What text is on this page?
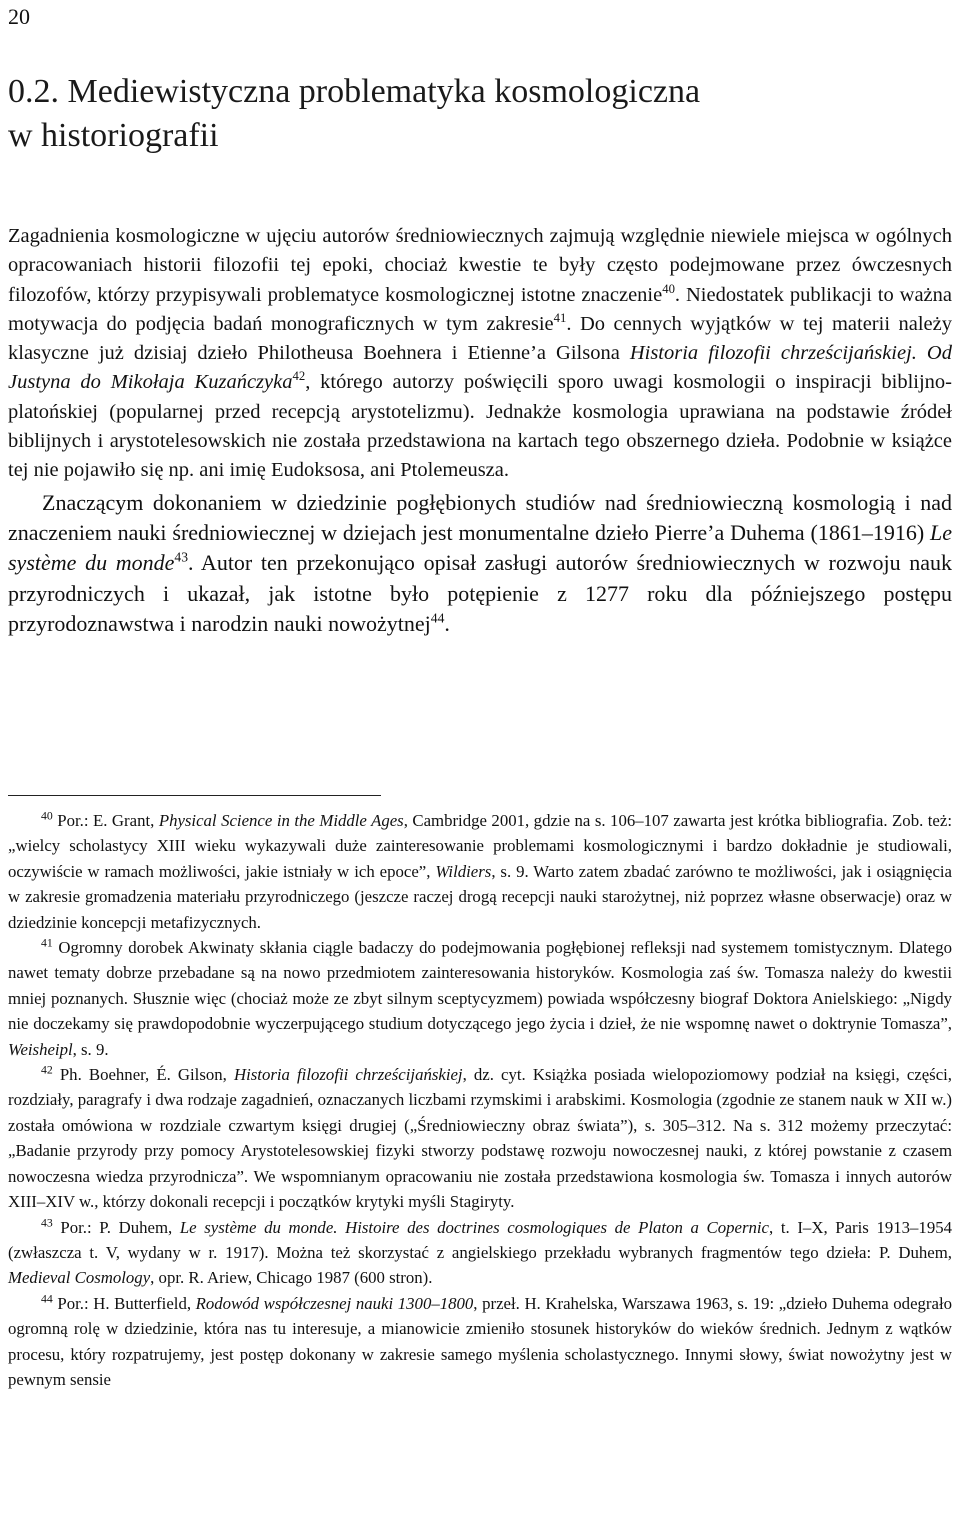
20
0.2. Mediewistyczna problematyka kosmologiczna
w historiografii

Zagadnienia kosmologiczne w ujęciu autorów średniowiecznych zajmują względnie niewiele miejsca w ogólnych opracowaniach historii filozofii tej epoki, chociaż kwestie te były często podejmowane przez ówczesnych filozofów, którzy przypisywali problematyce kosmologicznej istotne znaczenie$^{40}$. Niedostatek publikacji to ważna motywacja do podjęcia badań monograficznych w tym zakresie$^{41}$. Do cennych wyjątków w tej materii należy klasyczne już dzisiaj dzieło Philotheusa Boehnera i Etienne’a Gilsona Historia filozofii chrześcijańskiej. Od Justyna do Mikołaja Kuzańczyka$^{42}$, którego autorzy poświęcili sporo uwagi kosmologii o inspiracji biblijno-platońskiej (popularnej przed recepcją arystotelizmu). Jednakże kosmologia uprawiana na podstawie źródeł biblijnych i arystotelesowskich nie została przedstawiona na kartach tego obszernego dzieła. Podobnie w książce tej nie pojawiło się np. ani imię Eudoksosa, ani Ptolemeusza.

Znaczącym dokonaniem w dziedzinie pogłębionych studiów nad średniowieczną kosmologią i nad znaczeniem nauki średniowiecznej w dziejach jest monumentalne dzieło Pierre’a Duhema (1861–1916) Le système du monde$^{43}$. Autor ten przekonująco opisał zasługi autorów średniowiecznych w rozwoju nauk przyrodniczych i ukazał, jak istotne było potępienie z 1277 roku dla późniejszego postępu przyrodoznawstwa i narodzin nauki nowożytnej$^{44}$.

$^{40}$ Por.: E. Grant, Physical Science in the Middle Ages, Cambridge 2001, gdzie na s. 106–107 zawarta jest krótka bibliografia. Zob. też: „wielcy scholastycy XIII wieku wykazywali duże zainteresowanie problemami kosmologicznymi i bardzo dokładnie je studiowali, oczywiście w ramach możliwości, jakie istniały w ich epoce”, Wildiers, s. 9. Warto zatem zbadać zarówno te możliwości, jak i osiągnięcia w zakresie gromadzenia materiału przyrodniczego (jeszcze raczej drogą recepcji nauki starożytnej, niż poprzez własne obserwacje) oraz w dziedzinie koncepcji metafizycznych.

$^{41}$ Ogromny dorobek Akwinaty skłania ciągle badaczy do podejmowania pogłębionej refleksji nad systemem tomistycznym. Dlatego nawet tematy dobrze przebadane są na nowo przedmiotem zainteresowania historyków. Kosmologia zaś św. Tomasza należy do kwestii mniej poznanych. Słusznie więc (chociaż może ze zbyt silnym sceptycyzmem) powiada współczesny biograf Doktora Anielskiego: „Nigdy nie doczekamy się prawdopodobnie wyczerpującego studium dotyczącego jego życia i dzieł, że nie wspomnę nawet o doktrynie Tomasza”, Weisheipl, s. 9.

$^{42}$ Ph. Boehner, É. Gilson, Historia filozofii chrześcijańskiej, dz. cyt. Książka posiada wielopoziomowy podział na księgi, części, rozdziały, paragrafy i dwa rodzaje zagadnień, oznaczanych liczbami rzymskimi i arabskimi. Kosmologia (zgodnie ze stanem nauk w XII w.) została omówiona w rozdziale czwartym księgi drugiej („Średniowieczny obraz świata”), s. 305–312. Na s. 312 możemy przeczytać: „Badanie przyrody przy pomocy Arystotelesowskiej fizyki stworzy podstawę rozwoju nowoczesnej nauki, z której powstanie z czasem nowoczesna wiedza przyrodnicza”. We wspomnianym opracowaniu nie została przedstawiona kosmologia św. Tomasza i innych autorów XIII–XIV w., którzy dokonali recepcji i początków krytyki myśli Stagiryty.

$^{43}$ Por.: P. Duhem, Le système du monde. Histoire des doctrines cosmologiques de Platon a Copernic, t. I–X, Paris 1913–1954 (zwłaszcza t. V, wydany w r. 1917). Można też skorzystać z angielskiego przekładu wybranych fragmentów tego dzieła: P. Duhem, Medieval Cosmology, opr. R. Ariew, Chicago 1987 (600 stron).

$^{44}$ Por.: H. Butterfield, Rodowód współczesnej nauki 1300–1800, przeł. H. Krahelska, Warszawa 1963, s. 19: „dzieło Duhema odegrało ogromną rolę w dziedzinie, która nas tu interesuje, a mianowicie zmieniło stosunek historyków do wieków średnich. Jednym z wątków procesu, który rozpatrujemy, jest postęp dokonany w zakresie samego myślenia scholastycznego. Innymi słowy, świat nowożytny jest w pewnym sensie
